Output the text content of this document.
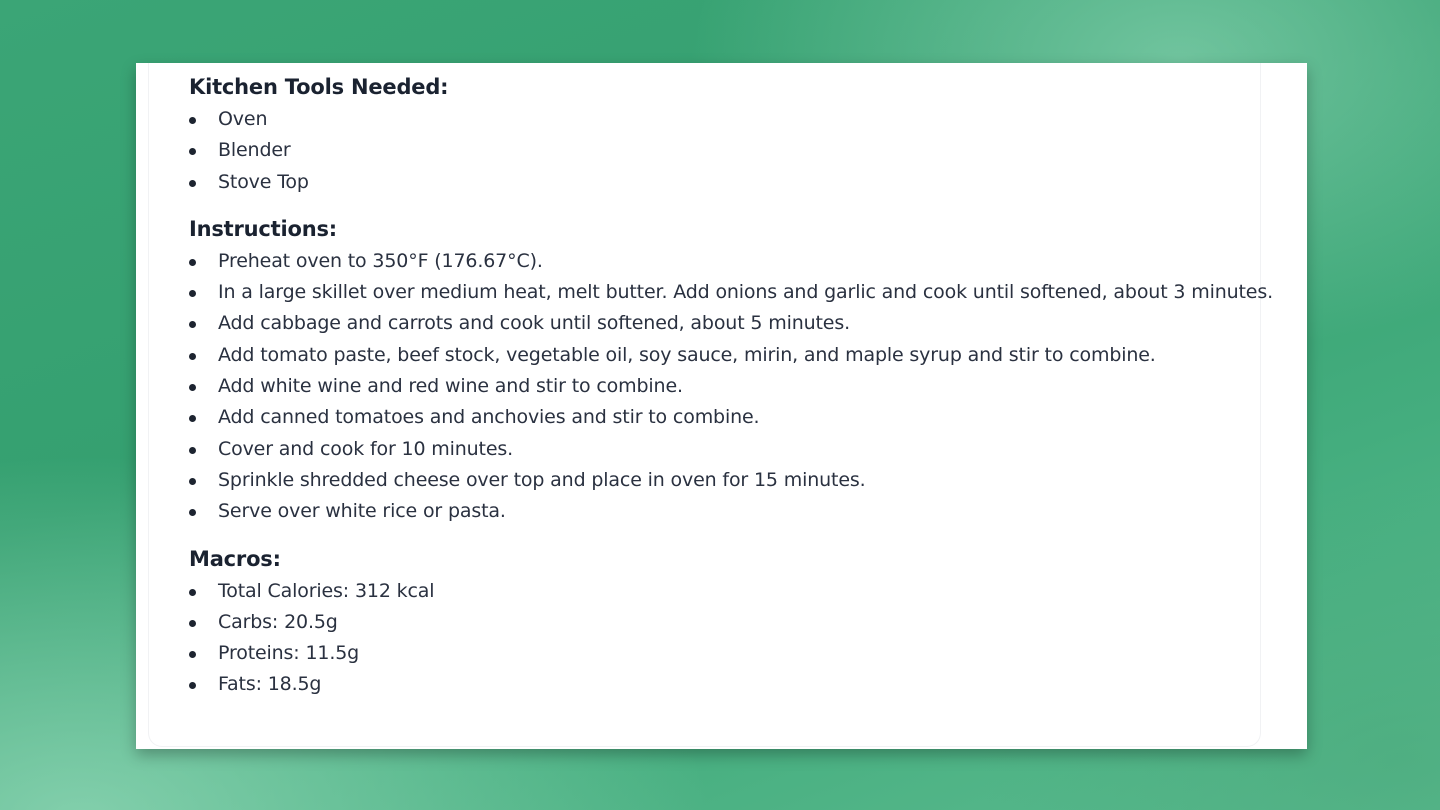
Kitchen Tools Needed:
Oven
Blender
Stove Top
Instructions:
Preheat oven to 350°F (176.67°C).
In a large skillet over medium heat, melt butter. Add onions and garlic and cook until softened, about 3 minutes.
Add cabbage and carrots and cook until softened, about 5 minutes.
Add tomato paste, beef stock, vegetable oil, soy sauce, mirin, and maple syrup and stir to combine.
Add white wine and red wine and stir to combine.
Add canned tomatoes and anchovies and stir to combine.
Cover and cook for 10 minutes.
Sprinkle shredded cheese over top and place in oven for 15 minutes.
Serve over white rice or pasta.
Macros:
Total Calories: 312 kcal
Carbs: 20.5g
Proteins: 11.5g
Fats: 18.5g
